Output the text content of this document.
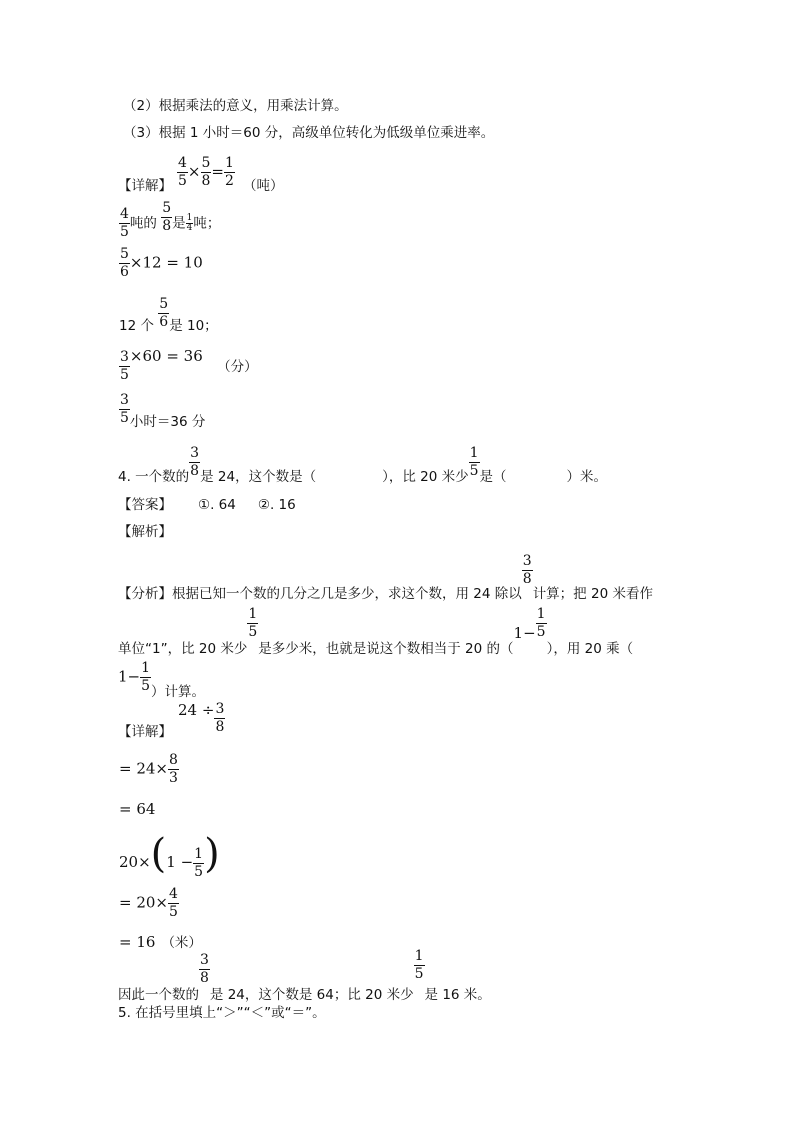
（2）根据乘法的意义，用乘法计算。
（3）根据 1 小时＝60 分，高级单位转化为低级单位乘进率。
【详解】 $\frac{4}{5} \times \frac{5}{8} = \frac{1}{2}$ （吨）
$\frac{4}{5}$ 吨的 $\frac{5}{8}$ 是 $\frac{1}{4}$ 吨；
$\frac{5}{6} \times 12 = 10$
12 个 $\frac{5}{6}$ 是 10；
$\frac{3}{5} \times 60 = 36$ （分）
$\frac{3}{5}$ 小时＝36 分
4. 一个数的 $\frac{3}{8}$ 是 24，这个数是（	），比 20 米少 $\frac{1}{5}$ 是（	）米。
【答案】 ①. 64 ②. 16
【解析】
【分析】根据已知一个数的几分之几是多少，求这个数，用 24 除以
$\frac{3}{8}$
计算；把 20 米看作
单位“1”，比 20 米少
$\frac{1}{5}$
是多少米，也就是说这个数相当于 20 的（$1- \frac{1}{5}$
），用 20 乘（
$1- \frac{1}{5}$ ）计算。
【详解】
$24 \div \frac{3}{8}$
= $24\times \frac{8}{3}$
= 64
$20\times(1 - \frac{1}{5}$ )
= $20\times \frac{4}{5}$
= 16 （米）
因此一个数的
$\frac{3}{8}$
是 24，这个数是 64；比 20 米少
$\frac{1}{5}$
是 16 米。
5. 在括号里填上“＞”“＜”或“＝”。
